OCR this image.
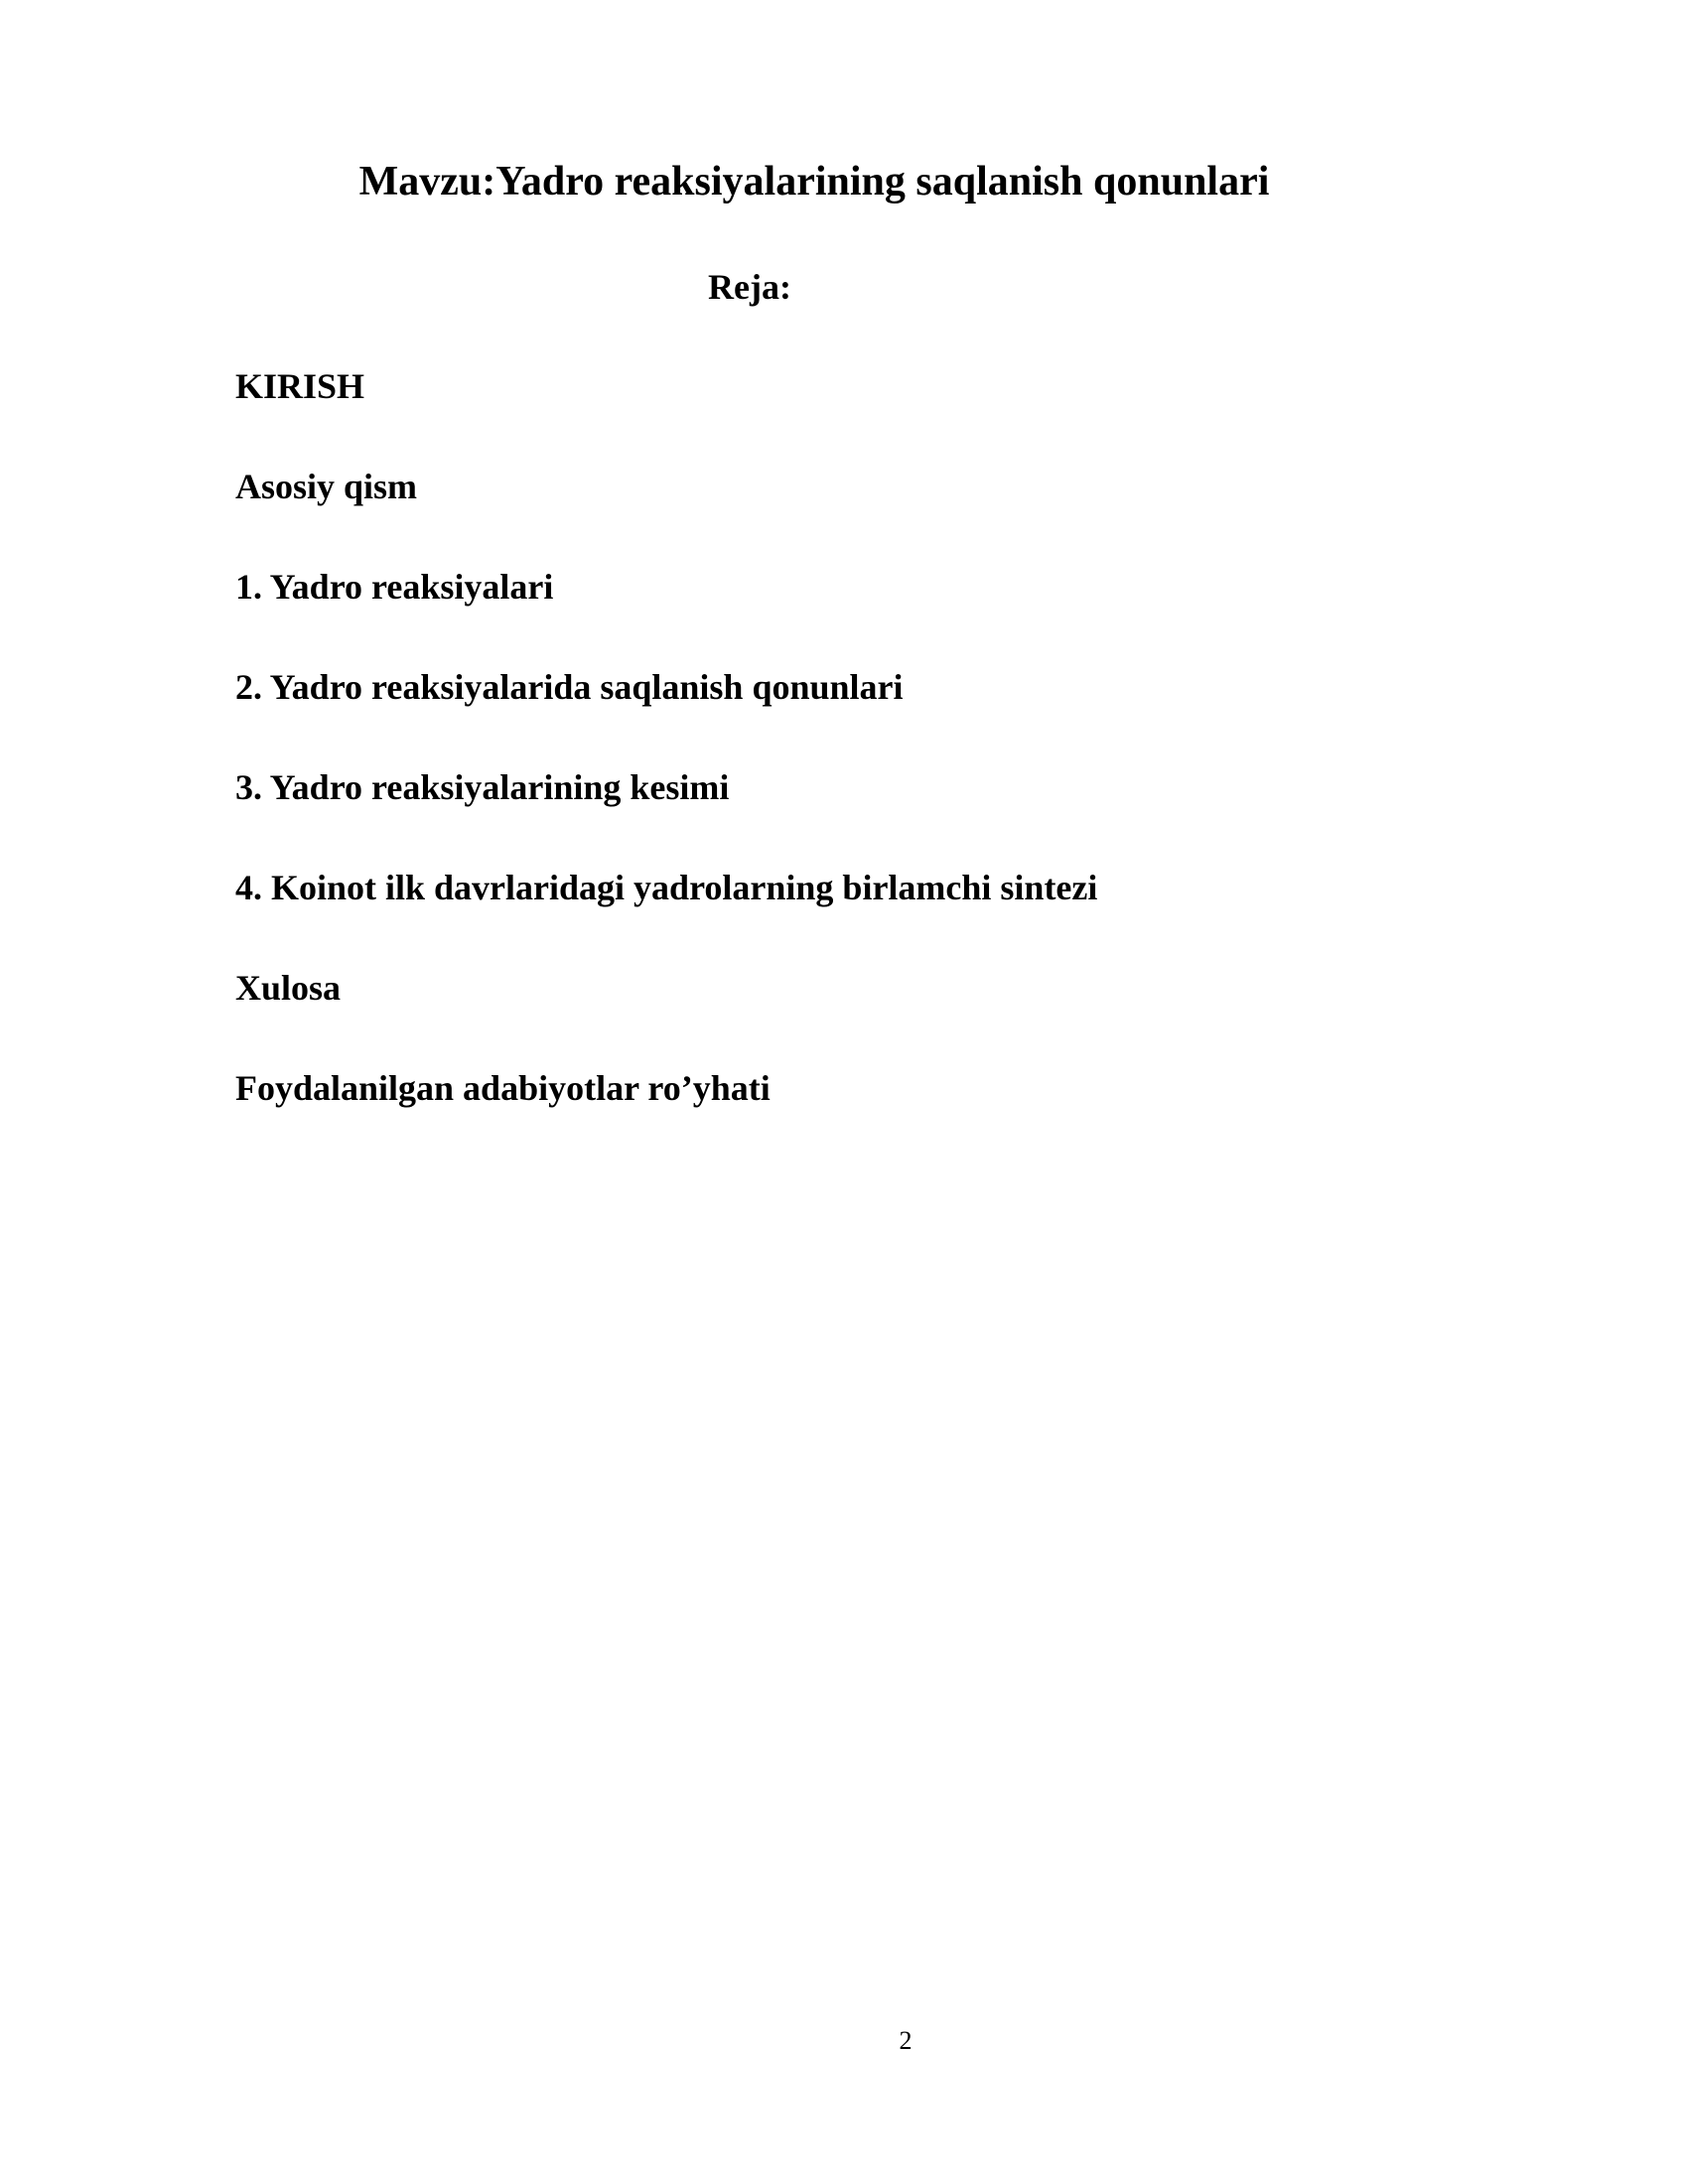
Mavzu:Yadro reaksiyalarining saqlanish qonunlari
Reja:
KIRISH
Asosiy qism
1. Yadro reaksiyalari
2. Yadro reaksiyalarida saqlanish qonunlari
3. Yadro reaksiyalarining kesimi
4. Koinot ilk davrlaridagi yadrolarning birlamchi sintezi
Xulosa
Foydalanilgan adabiyotlar ro’yhati
2
